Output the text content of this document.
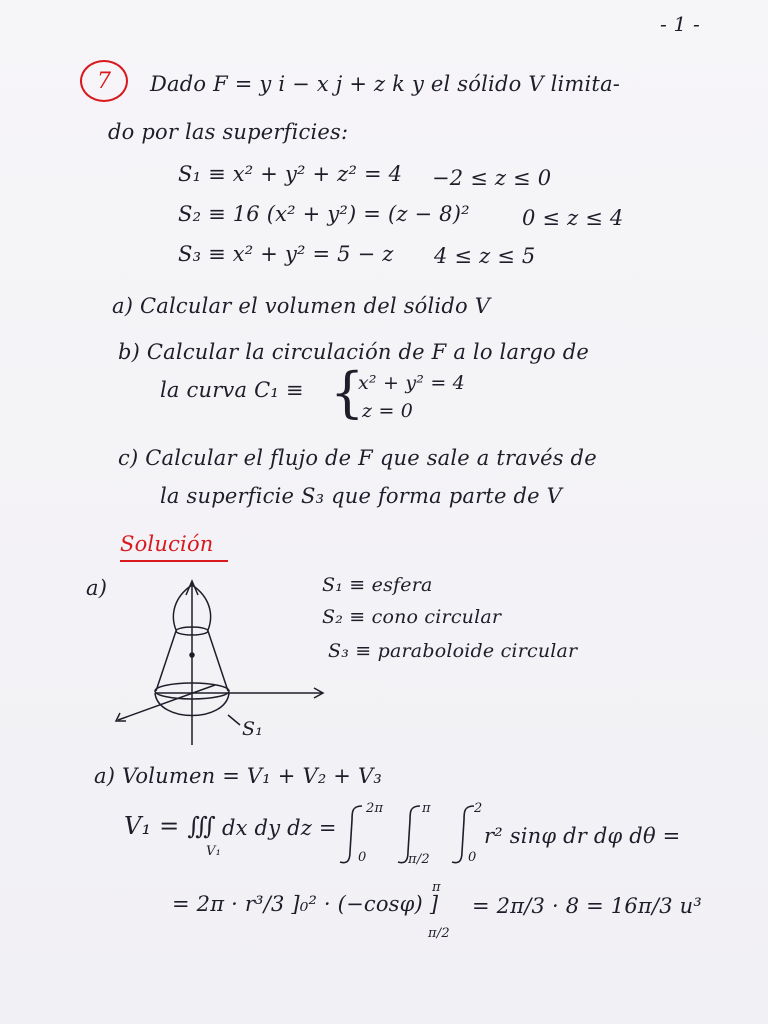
- 1 -
7 Dado F = y i − x j + z k y el sólido V limita-
do por las superficies:
S₁ ≡ x² + y² + z² = 4 −2 ≤ z ≤ 0
S₂ ≡ 16 (x² + y²) = (z − 8)² 0 ≤ z ≤ 4
S₃ ≡ x² + y² = 5 − z 4 ≤ z ≤ 5
a) Calcular el volumen del sólido V
b) Calcular la circulación de F a lo largo de
la curva C₁ ≡ {
x² + y² = 4
z = 0
c) Calcular el flujo de F que sale a través de
la superficie S₃ que forma parte de V
Solución
a)
S₁
S₁ ≡ esfera
S₂ ≡ cono circular
S₃ ≡ paraboloide circular
a) Volumen = V₁ + V₂ + V₃
V₁ = ∭
V₁
dx dy dz =
2π
0
π
π/2
2
0
r² sinφ dr dφ dθ =
= 2π · r³/3 ]₀² · (−cosφ) ]
π
π/2
= 2π/3 · 8 = 16π/3 u³
